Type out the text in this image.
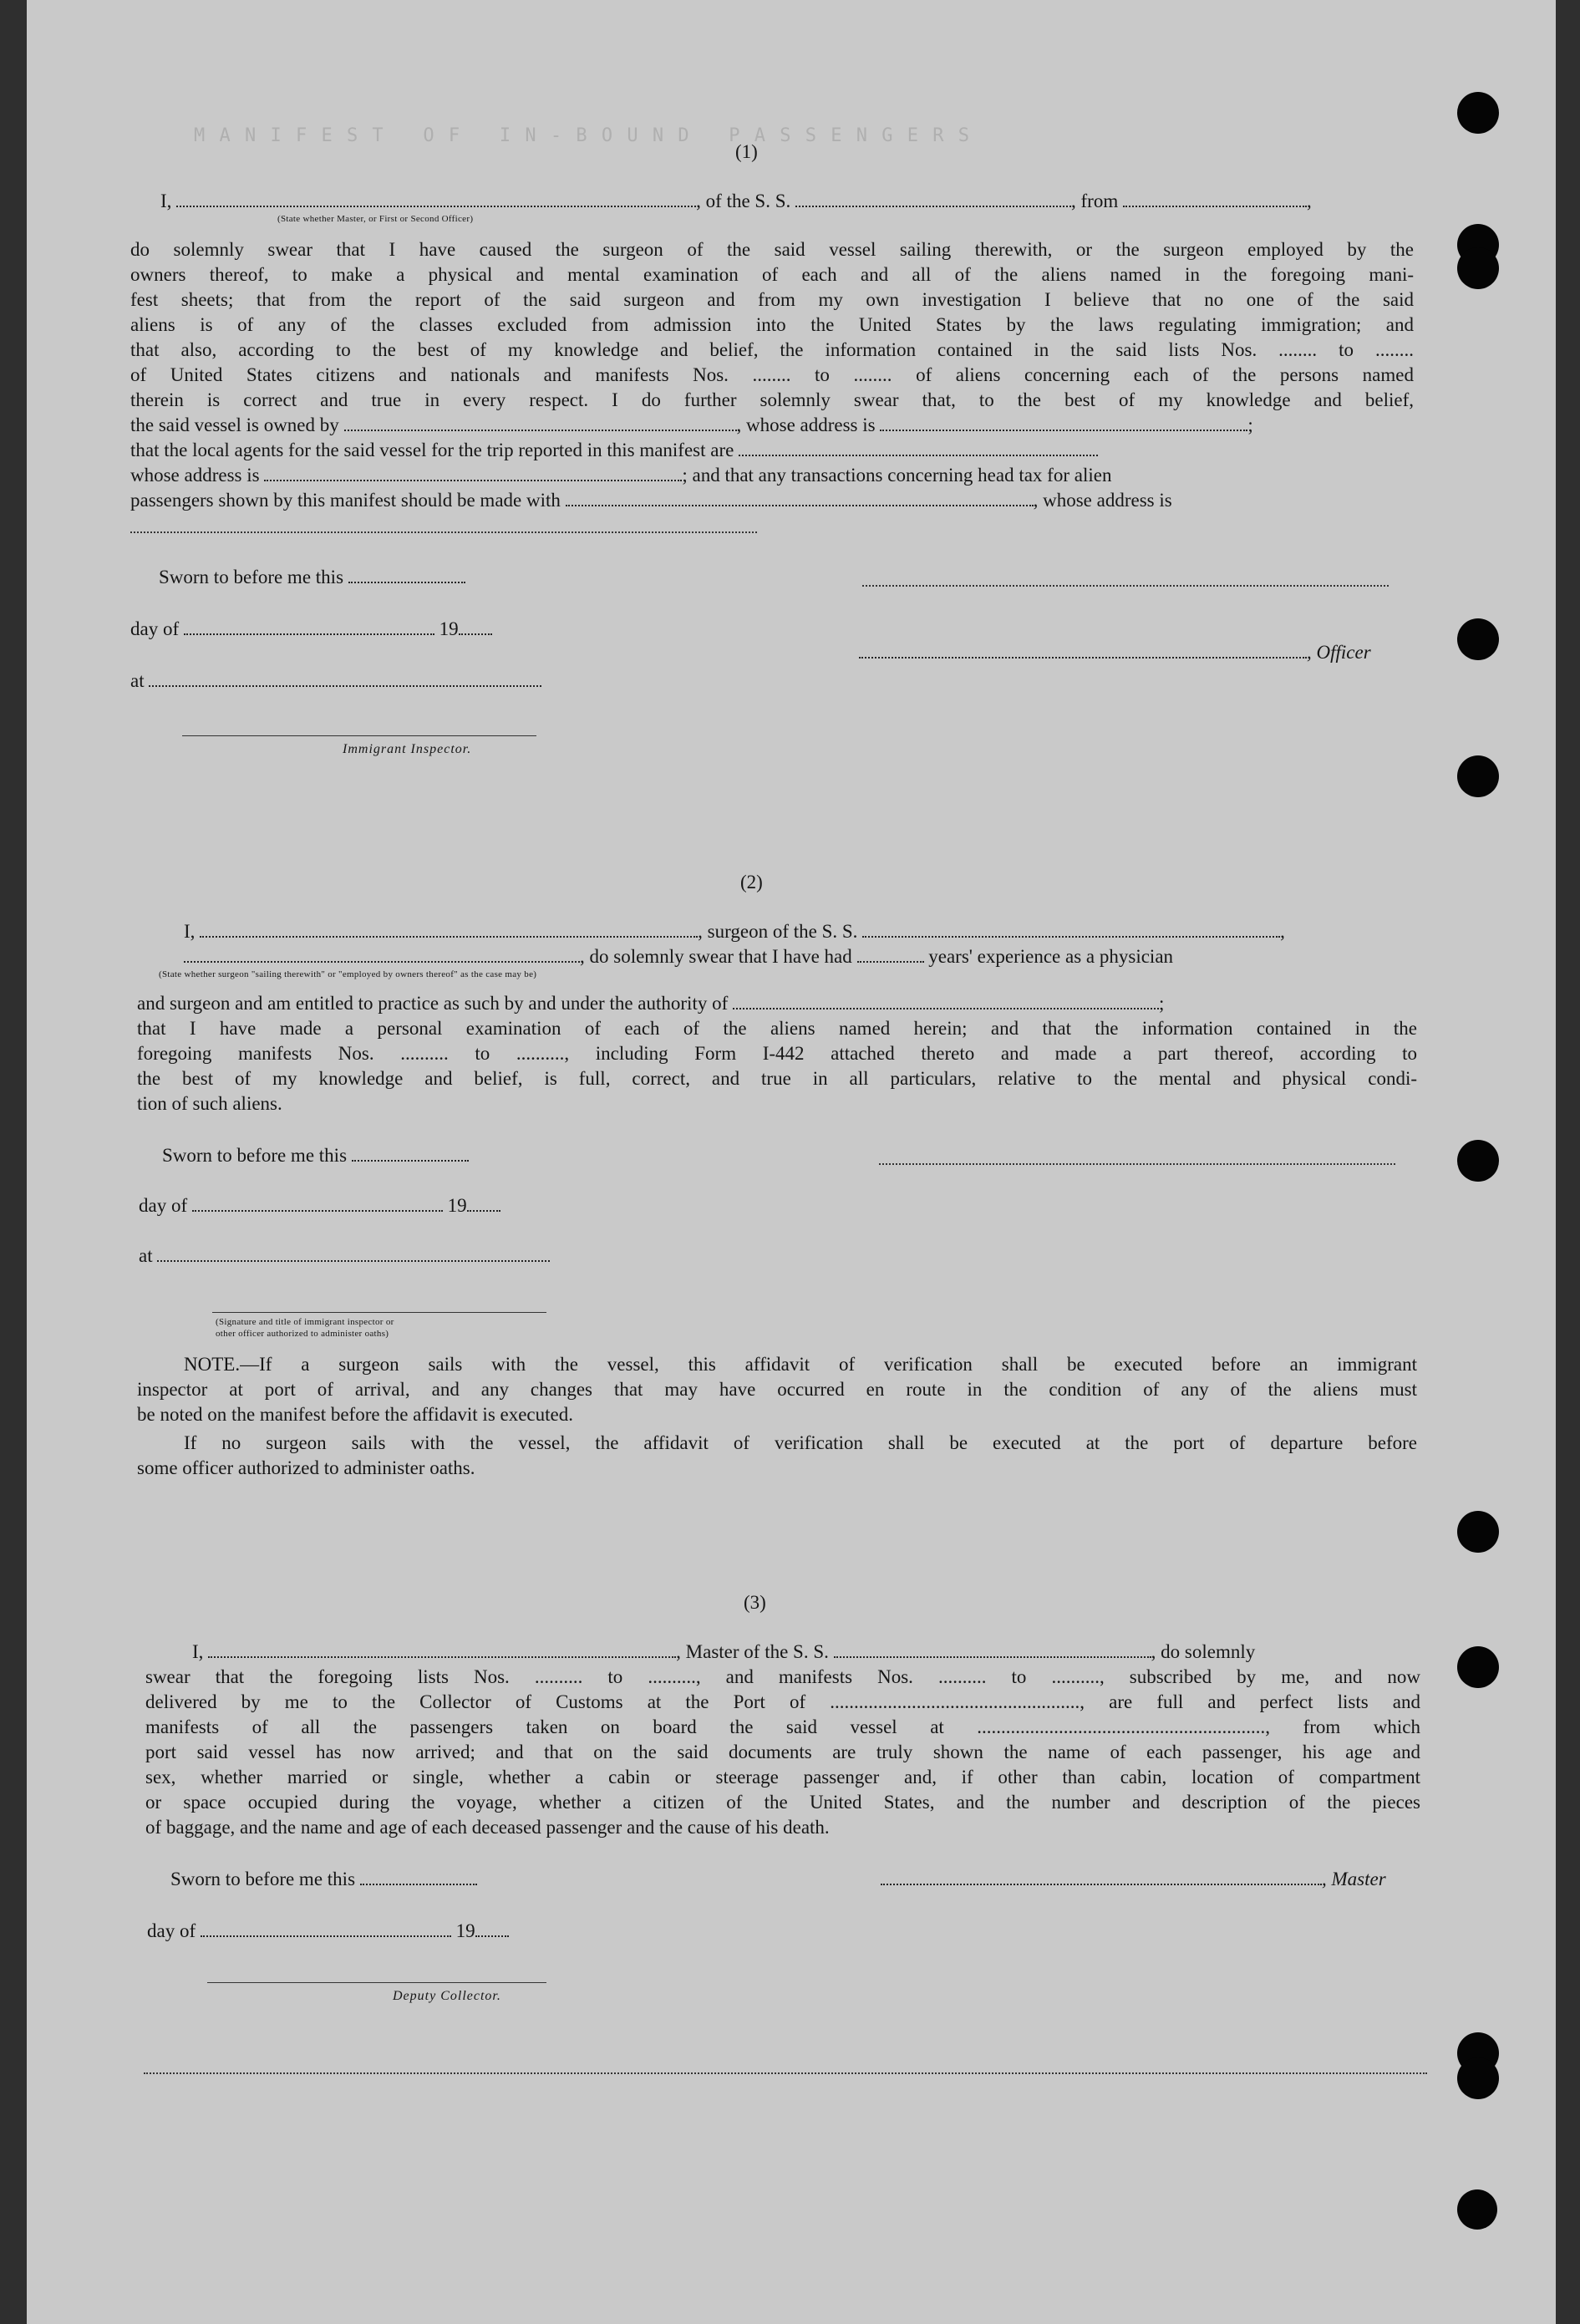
M A N I F E S T   O F   I N - B O U N D   P A S S E N G E R S
(1)
I,	, of the S. S.	, from	,
(State whether Master, or First or Second Officer)
do solemnly swear that I have caused the surgeon of the said vessel sailing therewith, or the surgeon employed by the
owners thereof, to make a physical and mental examination of each and all of the aliens named in the foregoing mani-
fest sheets; that from the report of the said surgeon and from my own investigation I believe that no one of the said
aliens is of any of the classes excluded from admission into the United States by the laws regulating immigration; and
that also, according to the best of my knowledge and belief, the information contained in the said lists Nos. ........ to ........
of United States citizens and nationals and manifests Nos. ........ to ........ of aliens concerning each of the persons named
therein is correct and true in every respect. I do further solemnly swear that, to the best of my knowledge and belief,
the said vessel is owned by	, whose address is	;
that the local agents for the said vessel for the trip reported in this manifest are
whose address is	; and that any transactions concerning head tax for alien
passengers shown by this manifest should be made with	, whose address is
Sworn to before me this
day of	19
, Officer
at
Immigrant Inspector.
(2)
I,	, surgeon of the S. S.	,
, do solemnly swear that I have had	years' experience as a physician
(State whether surgeon "sailing therewith" or "employed by owners thereof" as the case may be)
and surgeon and am entitled to practice as such by and under the authority of	;
that I have made a personal examination of each of the aliens named herein; and that the information contained in the
foregoing manifests Nos. .......... to .........., including Form I-442 attached thereto and made a part thereof, according to
the best of my knowledge and belief, is full, correct, and true in all particulars, relative to the mental and physical condi-
tion of such aliens.
Sworn to before me this
day of	19
at
(Signature and title of immigrant inspector or
other officer authorized to administer oaths)
NOTE.—If a surgeon sails with the vessel, this affidavit of verification shall be executed before an immigrant
inspector at port of arrival, and any changes that may have occurred en route in the condition of any of the aliens must
be noted on the manifest before the affidavit is executed.
If no surgeon sails with the vessel, the affidavit of verification shall be executed at the port of departure before
some officer authorized to administer oaths.
(3)
I,	, Master of the S. S.	, do solemnly
swear that the foregoing lists Nos. .......... to .........., and manifests Nos. .......... to .........., subscribed by me, and now
delivered by me to the Collector of Customs at the Port of ...................................................., are full and perfect lists and
manifests of all the passengers taken on board the said vessel at ............................................................, from which
port said vessel has now arrived; and that on the said documents are truly shown the name of each passenger, his age and
sex, whether married or single, whether a cabin or steerage passenger and, if other than cabin, location of compartment
or space occupied during the voyage, whether a citizen of the United States, and the number and description of the pieces
of baggage, and the name and age of each deceased passenger and the cause of his death.
Sworn to before me this	, Master
day of	19
Deputy Collector.
